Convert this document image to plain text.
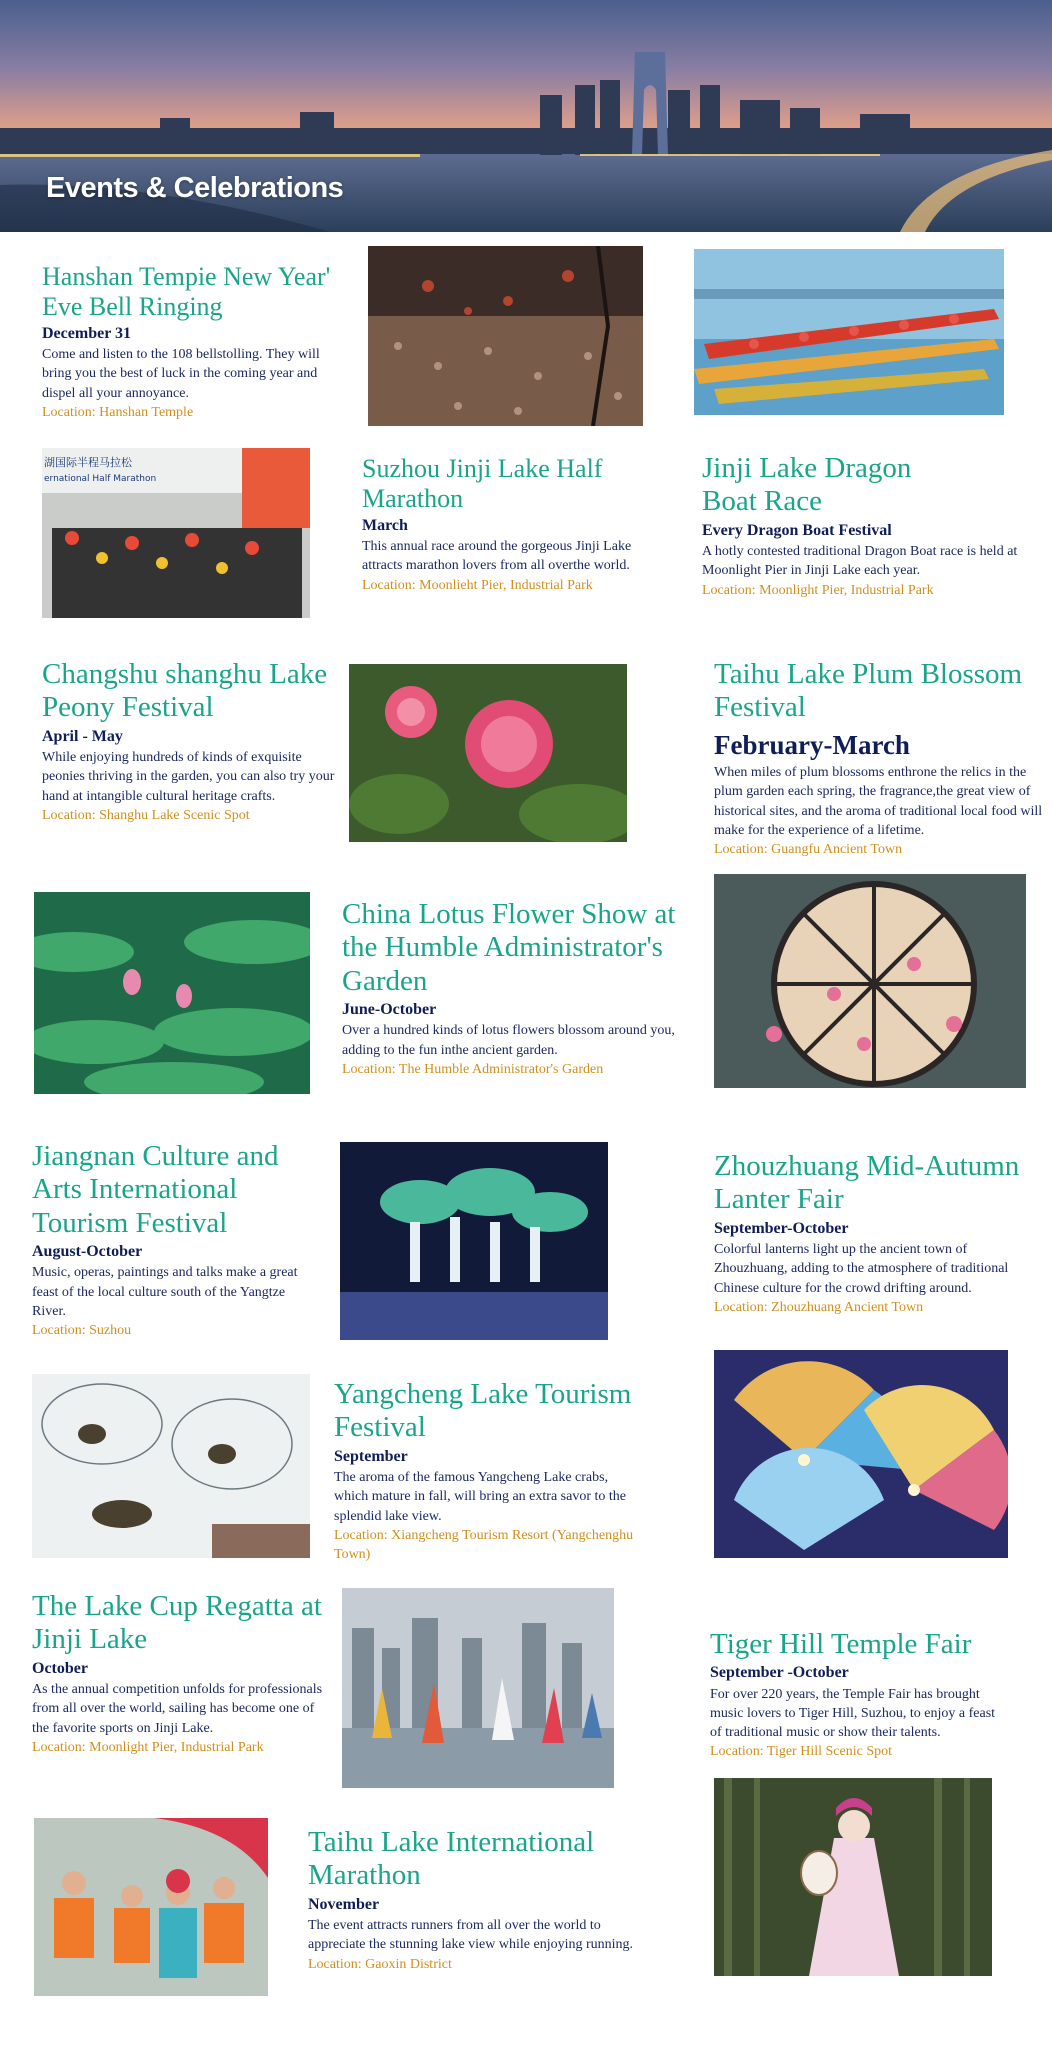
Events & Celebrations
Hanshan Tempie New Year' Eve Bell Ringing
December 31
Come and listen to the 108 bellstolling. They will bring you the best of luck in the coming year and dispel all your annoyance.
Location: Hanshan Temple
湖国际半程马拉松
ernational Half Marathon	Suzhou Jinji Lake Half Marathon
March
This annual race around the gorgeous Jinji Lake attracts marathon lovers from all overthe world.
Location: Moonlieht Pier, Industrial Park
Jinji Lake Dragon Boat Race
Every Dragon Boat Festival
A hotly contested traditional Dragon Boat race is held at Moonlight Pier in Jinji Lake each year.
Location: Moonlight Pier, Industrial Park
Changshu shanghu Lake Peony Festival
April - May
While enjoying hundreds of kinds of exquisite peonies thriving in the garden, you can also try your hand at intangible cultural heritage crafts.
Location: Shanghu Lake Scenic Spot
Taihu Lake Plum Blossom Festival
February-March
When miles of plum blossoms enthrone the relics in the plum garden each spring, the fragrance,the great view of historical sites, and the aroma of traditional local food will make for the experience of a lifetime.
Location: Guangfu Ancient Town
China Lotus Flower Show at the Humble Administrator's Garden
June-October
Over a hundred kinds of lotus flowers blossom around you, adding to the fun inthe ancient garden.
Location: The Humble Administrator's Garden
Jiangnan Culture and Arts International Tourism Festival
August-October
Music, operas, paintings and talks make a great feast of the local culture south of the Yangtze River.
Location: Suzhou
Zhouzhuang Mid-Autumn Lanter Fair
September-October
Colorful lanterns light up the ancient town of Zhouzhuang, adding to the atmosphere of traditional Chinese culture for the crowd drifting around.
Location: Zhouzhuang Ancient Town
Yangcheng Lake Tourism Festival
September
The aroma of the famous Yangcheng Lake crabs, which mature in fall, will bring an extra savor to the splendid lake view.
Location: Xiangcheng Tourism Resort (Yangchenghu Town)
The Lake Cup Regatta at Jinji Lake
October
As the annual competition unfolds for professionals from all over the world, sailing has become one of the favorite sports on Jinji Lake.
Location: Moonlight Pier, Industrial Park
Tiger Hill Temple Fair
September -October
For over 220 years, the Temple Fair has brought music lovers to Tiger Hill, Suzhou, to enjoy a feast of traditional music or show their talents.
Location: Tiger Hill Scenic Spot
Taihu Lake International Marathon
November
The event attracts runners from all over the world to appreciate the stunning lake view while enjoying running.
Location: Gaoxin District
